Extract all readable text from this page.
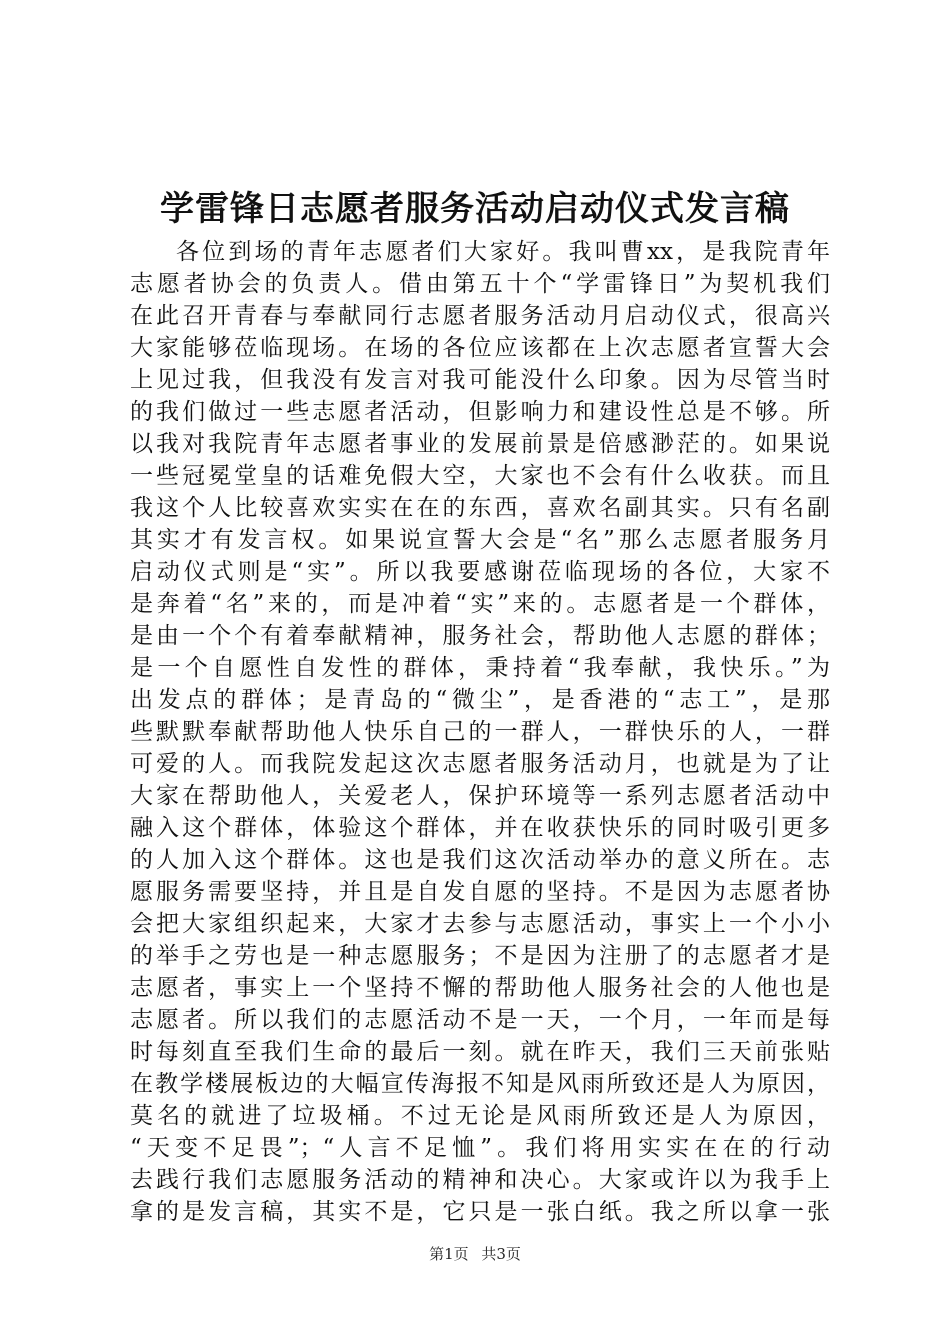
学雷锋日志愿者服务活动启动仪式发言稿
各位到场的青年志愿者们大家好。我叫曹xx，是我院青年
志愿者协会的负责人。借由第五十个“学雷锋日”为契机我们
在此召开青春与奉献同行志愿者服务活动月启动仪式，很高兴
大家能够莅临现场。在场的各位应该都在上次志愿者宣誓大会
上见过我，但我没有发言对我可能没什么印象。因为尽管当时
的我们做过一些志愿者活动，但影响力和建设性总是不够。所
以我对我院青年志愿者事业的发展前景是倍感渺茫的。如果说
一些冠冕堂皇的话难免假大空，大家也不会有什么收获。而且
我这个人比较喜欢实实在在的东西，喜欢名副其实。只有名副
其实才有发言权。如果说宣誓大会是“名”那么志愿者服务月
启动仪式则是“实”。所以我要感谢莅临现场的各位，大家不
是奔着“名”来的，而是冲着“实”来的。志愿者是一个群体，
是由一个个有着奉献精神，服务社会，帮助他人志愿的群体；
是一个自愿性自发性的群体，秉持着“我奉献，我快乐。”为
出发点的群体；是青岛的“微尘”，是香港的“志工”，是那
些默默奉献帮助他人快乐自己的一群人，一群快乐的人，一群
可爱的人。而我院发起这次志愿者服务活动月，也就是为了让
大家在帮助他人，关爱老人，保护环境等一系列志愿者活动中
融入这个群体，体验这个群体，并在收获快乐的同时吸引更多
的人加入这个群体。这也是我们这次活动举办的意义所在。志
愿服务需要坚持，并且是自发自愿的坚持。不是因为志愿者协
会把大家组织起来，大家才去参与志愿活动，事实上一个小小
的举手之劳也是一种志愿服务；不是因为注册了的志愿者才是
志愿者，事实上一个坚持不懈的帮助他人服务社会的人他也是
志愿者。所以我们的志愿活动不是一天，一个月，一年而是每
时每刻直至我们生命的最后一刻。就在昨天，我们三天前张贴
在教学楼展板边的大幅宣传海报不知是风雨所致还是人为原因，
莫名的就进了垃圾桶。不过无论是风雨所致还是人为原因，
“天变不足畏”；“人言不足恤”。我们将用实实在在的行动
去践行我们志愿服务活动的精神和决心。大家或许以为我手上
拿的是发言稿，其实不是，它只是一张白纸。我之所以拿一张
第1页 共3页
